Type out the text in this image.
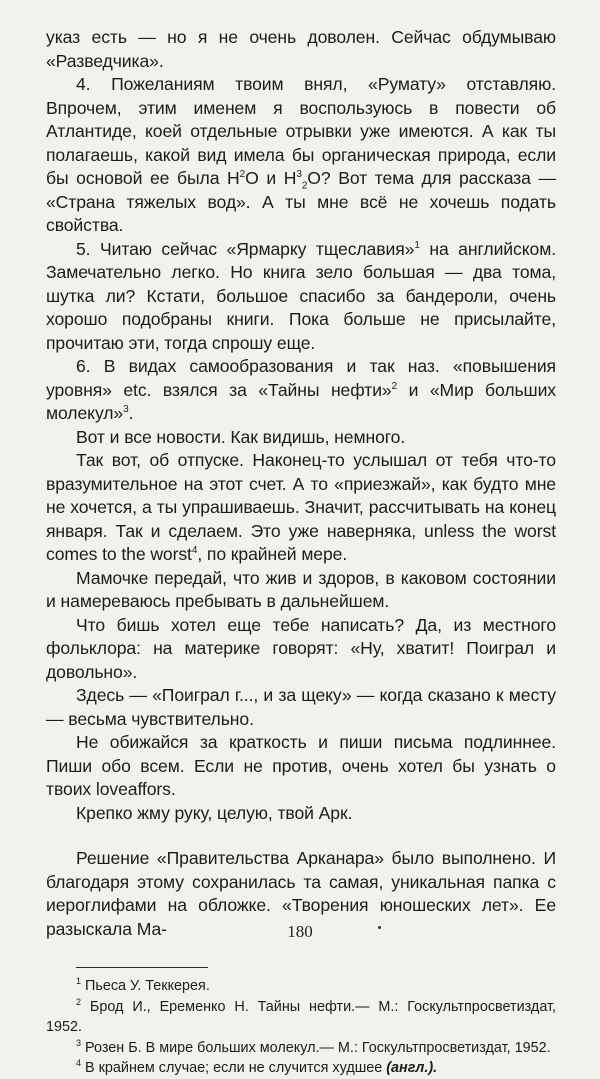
указ есть — но я не очень доволен. Сейчас обдумываю «Разведчика».

4. Пожеланиям твоим внял, «Румату» отставляю. Впрочем, этим именем я воспользуюсь в повести об Атлантиде, коей отдельные отрывки уже имеются. А как ты полагаешь, какой вид имела бы органическая природа, если бы основой ее была $H^2O$ и $H^3_2O$? Вот тема для рассказа — «Страна тяжелых вод». А ты мне всё не хочешь подать свойства.

5. Читаю сейчас «Ярмарку тщеславия»$^1$ на английском. Замечательно легко. Но книга зело большая — два тома, шутка ли? Кстати, большое спасибо за бандероли, очень хорошо подобраны книги. Пока больше не присылайте, прочитаю эти, тогда спрошу еще.

6. В видах самообразования и так наз. «повышения уровня» etc. взялся за «Тайны нефти»$^2$ и «Мир больших молекул»$^3$.

Вот и все новости. Как видишь, немного.

Так вот, об отпуске. Наконец-то услышал от тебя что-то вразумительное на этот счет. А то «приезжай», как будто мне не хочется, а ты упрашиваешь. Значит, рассчитывать на конец января. Так и сделаем. Это уже наверняка, unless the worst comes to the worst$^4$, по крайней мере.

Мамочке передай, что жив и здоров, в каковом состоянии и намереваюсь пребывать в дальнейшем.

Что бишь хотел еще тебе написать? Да, из местного фольклора: на материке говорят: «Ну, хватит! Поиграл и довольно».

Здесь — «Поиграл г..., и за щеку» — когда сказано к месту — весьма чувствительно.

Не обижайся за краткость и пиши письма подлиннее. Пиши обо всем. Если не против, очень хотел бы узнать о твоих loveaffors.

Крепко жму руку, целую, твой Арк.

Решение «Правительства Арканара» было выполнено. И благодаря этому сохранилась та самая, уникальная папка с иероглифами на обложке. «Творения юношеских лет». Ее разыскала Ма-

$^1$ Пьеса У. Теккерея.

$^2$ Брод И., Еременко Н. Тайны нефти.— М.: Госкультпросветиздат, 1952.

$^3$ Розен Б. В мире больших молекул.— М.: Госкультпросветиздат, 1952.

$^4$ В крайнем случае; если не случится худшее (англ.).

180
